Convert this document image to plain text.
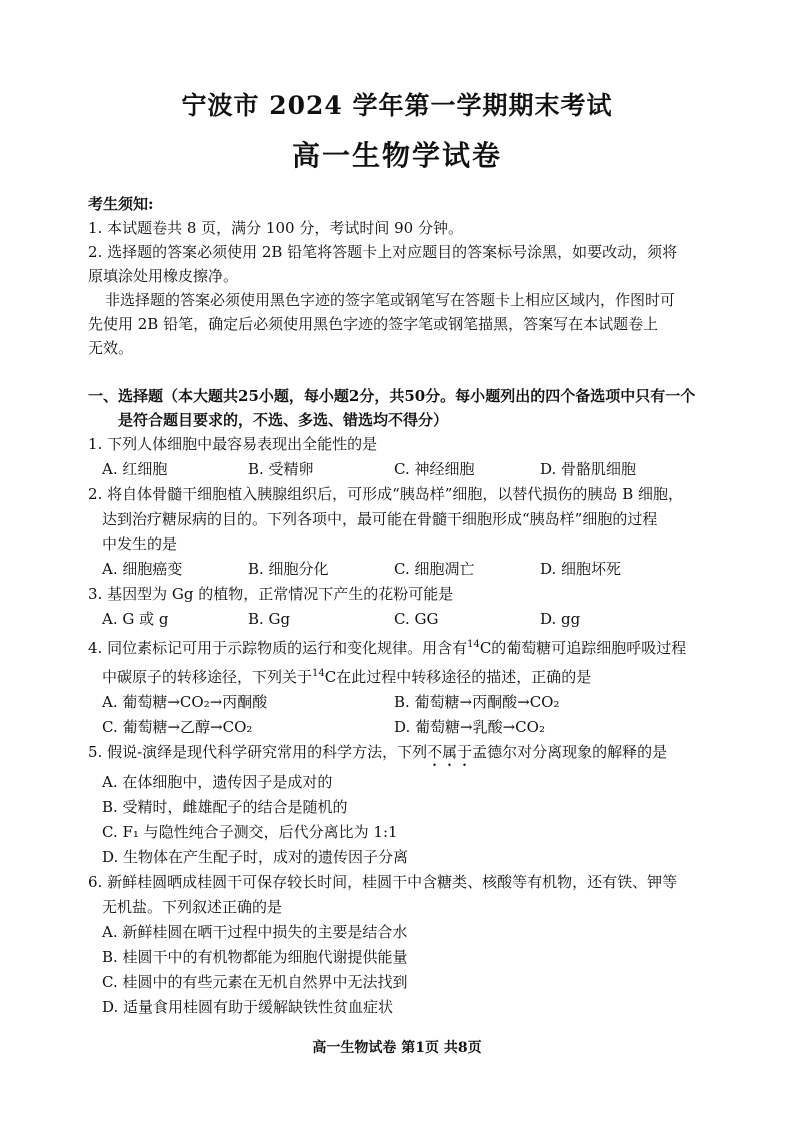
宁波市 2024 学年第一学期期末考试
高一生物学试卷
考生须知:
1. 本试题卷共 8 页，满分 100 分，考试时间 90 分钟。
2. 选择题的答案必须使用 2B 铅笔将答题卡上对应题目的答案标号涂黑，如要改动，须将
原填涂处用橡皮擦净。
非选择题的答案必须使用黑色字迹的签字笔或钢笔写在答题卡上相应区域内，作图时可
先使用 2B 铅笔，确定后必须使用黑色字迹的签字笔或钢笔描黑，答案写在本试题卷上
无效。
一、选择题（本大题共25小题，每小题2分，共50分。每小题列出的四个备选项中只有一个
是符合题目要求的，不选、多选、错选均不得分）
1. 下列人体细胞中最容易表现出全能性的是
A. 红细胞	B. 受精卵	C. 神经细胞	D. 骨骼肌细胞
2. 将自体骨髓干细胞植入胰腺组织后，可形成“胰岛样”细胞，以替代损伤的胰岛 B 细胞，
达到治疗糖尿病的目的。下列各项中，最可能在骨髓干细胞形成“胰岛样”细胞的过程
中发生的是
A. 细胞癌变	B. 细胞分化	C. 细胞凋亡	D. 细胞坏死
3. 基因型为 Gg 的植物，正常情况下产生的花粉可能是
A. G 或 g	B. Gg	C. GG	D. gg
4. 同位素标记可用于示踪物质的运行和变化规律。用含有$^{14}$C的葡萄糖可追踪细胞呼吸过程
中碳原子的转移途径，下列关于$^{14}$C在此过程中转移途径的描述，正确的是
A. 葡萄糖→CO₂→丙酮酸	B. 葡萄糖→丙酮酸→CO₂
C. 葡萄糖→乙醇→CO₂	D. 葡萄糖→乳酸→CO₂
5. 假说-演绎是现代科学研究常用的科学方法，下列不属于孟德尔对分离现象的解释的是
A. 在体细胞中，遗传因子是成对的
B. 受精时，雌雄配子的结合是随机的
C. F₁ 与隐性纯合子测交，后代分离比为 1:1
D. 生物体在产生配子时，成对的遗传因子分离
6. 新鲜桂圆晒成桂圆干可保存较长时间，桂圆干中含糖类、核酸等有机物，还有铁、钾等
无机盐。下列叙述正确的是
A. 新鲜桂圆在晒干过程中损失的主要是结合水
B. 桂圆干中的有机物都能为细胞代谢提供能量
C. 桂圆中的有些元素在无机自然界中无法找到
D. 适量食用桂圆有助于缓解缺铁性贫血症状
高一生物试卷 第1页 共8页
